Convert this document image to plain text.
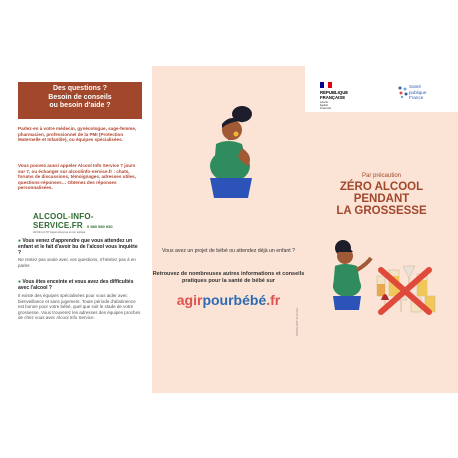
Des questions ?
Besoin de conseils
ou besoin d'aide ?

Parlez-en à votre médecin, gynécologue, sage-femme, pharmacien, professionnel de la PMI (Protection Maternelle et Infantile), ou équipes spécialisées.

Vous pouvez aussi appeler Alcool Info Service 7 jours sur 7, ou échanger sur alcoolinfo-service.fr : chats, forums de discussions, témoignages, adresses utiles, questions-réponses… Obtenez des réponses personnalisées.

ALCOOL-INFO-SERVICE.FR
24 h/24 et 7j/7 Appel anonyme et non surtaxé
0 980 980 930

● Vous venez d'apprendre que vous attendez un enfant et le fait d'avoir bu de l'alcool vous inquiète ?

Ne restez pas seule avec vos questions, n'hésitez pas à en parler.

● Vous êtes enceinte et vous avez des difficultés avec l'alcool ?

Il existe des équipes spécialisées pour vous aider avec bienveillance et sans jugement. Toute période d'abstinence est bonne pour votre bébé, quel que soit le stade de votre grossesse. Vous trouverez les adresses des équipes proches de chez vous avec Alcool Info Service.

Vous avez un projet de bébé ou attendez déjà un enfant ?
Retrouvez de nombreuses autres informations et conseils pratiques pour la santé de bébé sur
agirpourbébé.fr
INPES-SPF ALCOOL
RÉPUBLIQUE
FRANÇAISE
Liberté
Égalité
Fraternité
Santé
publique
France
Par précaution
ZÉRO ALCOOL
PENDANT
LA GROSSESSE
